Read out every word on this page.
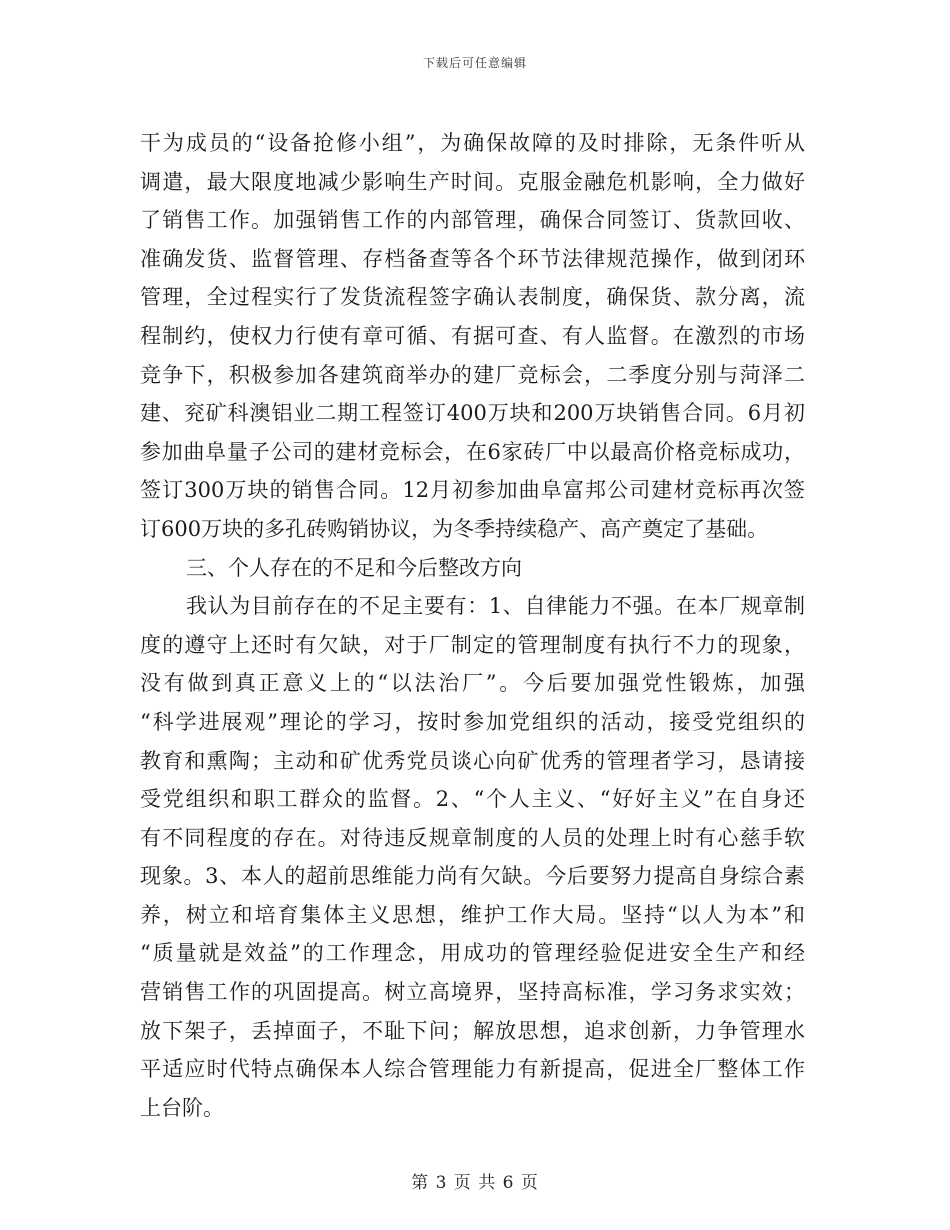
下载后可任意编辑
干为成员的“设备抢修小组”，为确保故障的及时排除，无条件听从
调遣，最大限度地减少影响生产时间。克服金融危机影响，全力做好
了销售工作。加强销售工作的内部管理，确保合同签订、货款回收、
准确发货、监督管理、存档备查等各个环节法律规范操作，做到闭环
管理，全过程实行了发货流程签字确认表制度，确保货、款分离，流
程制约，使权力行使有章可循、有据可查、有人监督。在激烈的市场
竞争下，积极参加各建筑商举办的建厂竞标会，二季度分别与菏泽二
建、兖矿科澳铝业二期工程签订400万块和200万块销售合同。6月初
参加曲阜量子公司的建材竞标会，在6家砖厂中以最高价格竞标成功，
签订300万块的销售合同。12月初参加曲阜富邦公司建材竞标再次签
订600万块的多孔砖购销协议，为冬季持续稳产、高产奠定了基础。
三、个人存在的不足和今后整改方向
我认为目前存在的不足主要有：1、自律能力不强。在本厂规章制
度的遵守上还时有欠缺，对于厂制定的管理制度有执行不力的现象，
没有做到真正意义上的“以法治厂”。今后要加强党性锻炼，加强
“科学进展观”理论的学习，按时参加党组织的活动，接受党组织的
教育和熏陶；主动和矿优秀党员谈心向矿优秀的管理者学习，恳请接
受党组织和职工群众的监督。2、“个人主义、“好好主义”在自身还
有不同程度的存在。对待违反规章制度的人员的处理上时有心慈手软
现象。3、本人的超前思维能力尚有欠缺。今后要努力提高自身综合素
养，树立和培育集体主义思想，维护工作大局。坚持“以人为本”和
“质量就是效益”的工作理念，用成功的管理经验促进安全生产和经
营销售工作的巩固提高。树立高境界，坚持高标准，学习务求实效；
放下架子，丢掉面子，不耻下问；解放思想，追求创新，力争管理水
平适应时代特点确保本人综合管理能力有新提高，促进全厂整体工作
上台阶。
第 3 页 共 6 页
